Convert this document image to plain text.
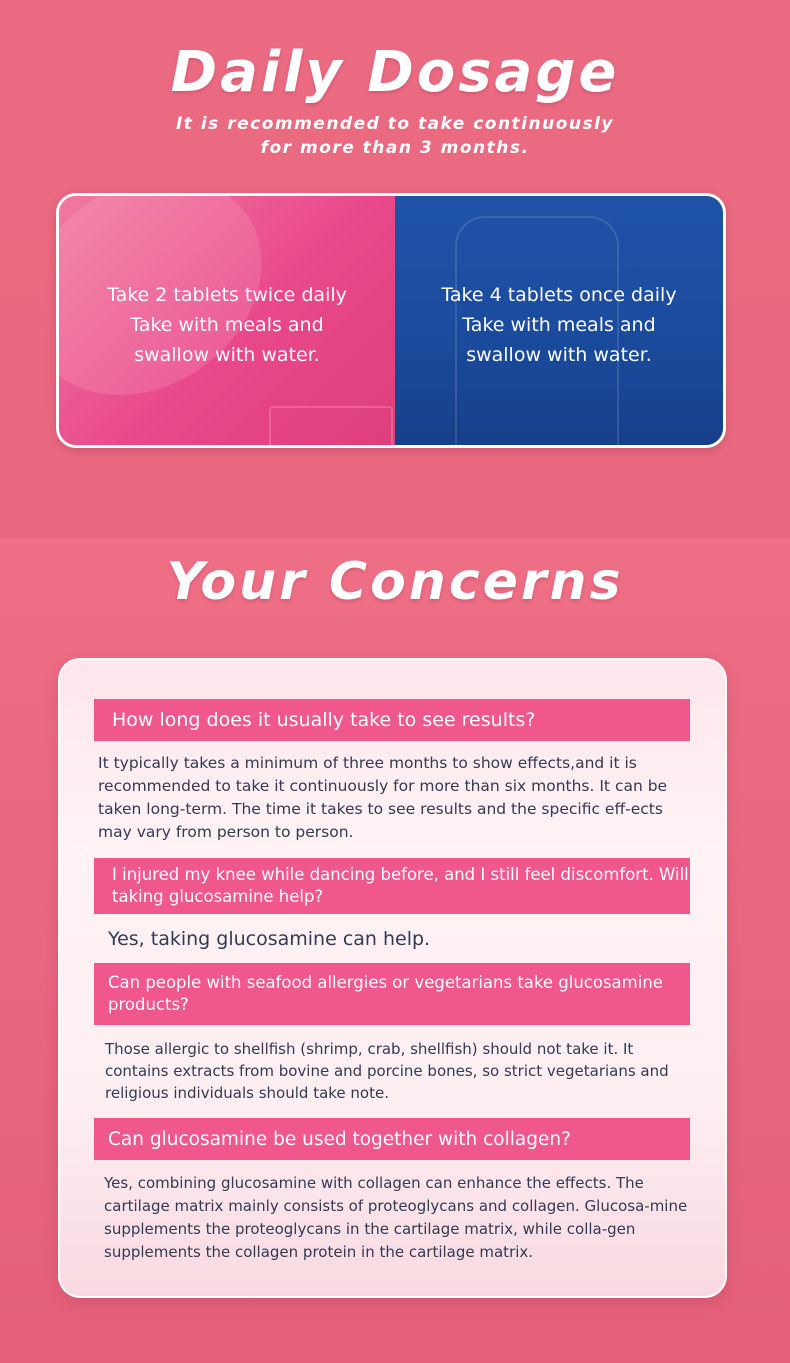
Daily Dosage
It is recommended to take continuously
for more than 3 months.
Take 2 tablets twice daily
Take with meals and
swallow with water.
Take 4 tablets once daily
Take with meals and
swallow with water.
Your Concerns
How long does it usually take to see results?
It typically takes a minimum of three months to show effects,and it is recommended to take it continuously for more than six months. It can be taken long-term. The time it takes to see results and the specific eff-ects may vary from person to person.
I injured my knee while dancing before, and I still feel discomfort. Will taking glucosamine help?
Yes, taking glucosamine can help.
Can people with seafood allergies or vegetarians take glucosamine products?
Those allergic to shellfish (shrimp, crab, shellfish) should not take it. It contains extracts from bovine and porcine bones, so strict vegetarians and religious individuals should take note.
Can glucosamine be used together with collagen?
Yes, combining glucosamine with collagen can enhance the effects. The cartilage matrix mainly consists of proteoglycans and collagen. Glucosa-mine supplements the proteoglycans in the cartilage matrix, while colla-gen supplements the collagen protein in the cartilage matrix.
